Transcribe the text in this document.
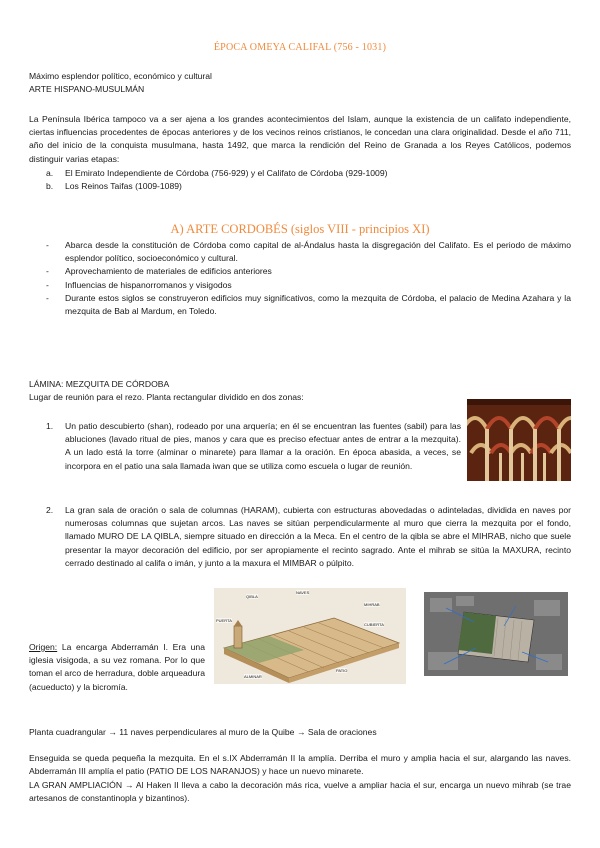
ÉPOCA OMEYA CALIFAL (756 - 1031)
Máximo esplendor político, económico y cultural
ARTE HISPANO-MUSULMÁN
La Península Ibérica tampoco va a ser ajena a los grandes acontecimientos del Islam, aunque la existencia de un califato independiente, ciertas influencias procedentes de épocas anteriores y de los vecinos reinos cristianos, le concedan una clara originalidad. Desde el año 711, año del inicio de la conquista musulmana, hasta 1492, que marca la rendición del Reino de Granada a los Reyes Católicos, podemos distinguir varias etapas:
a. El Emirato Independiente de Córdoba (756-929) y el Califato de Córdoba (929-1009)
b. Los Reinos Taifas (1009-1089)
A) ARTE CORDOBÉS (siglos VIII - principios XI)
- Abarca desde la constitución de Córdoba como capital de al-Ándalus hasta la disgregación del Califato. Es el periodo de máximo esplendor político, socioeconómico y cultural.
- Aprovechamiento de materiales de edificios anteriores
- Influencias de hispanorromanos y visigodos
- Durante estos siglos se construyeron edificios muy significativos, como la mezquita de Córdoba, el palacio de Medina Azahara y la mezquita de Bab al Mardum, en Toledo.
LÁMINA: MEZQUITA DE CÓRDOBA
Lugar de reunión para el rezo. Planta rectangular dividido en dos zonas:
1. Un patio descubierto (shan), rodeado por una arquería; en él se encuentran las fuentes (sabil) para las abluciones (lavado ritual de pies, manos y cara que es preciso efectuar antes de entrar a la mezquita). A un lado está la torre (alminar o minarete) para llamar a la oración. En época abasida, a veces, se incorpora en el patio una sala llamada iwan que se utiliza como escuela o lugar de reunión.
2. La gran sala de oración o sala de columnas (HARAM), cubierta con estructuras abovedadas o adinteladas, dividida en naves por numerosas columnas que sujetan arcos. Las naves se sitúan perpendicularmente al muro que cierra la mezquita por el fondo, llamado MURO DE LA QIBLA, siempre situado en dirección a la Meca. En el centro de la qibla se abre el MIHRAB, nicho que suele presentar la mayor decoración del edificio, por ser apropiamente el recinto sagrado. Ante el mihrab se sitúa la MAXURA, recinto cerrado destinado al califa o imán, y junto a la maxura el MIMBAR o púlpito.
NAVES
QIBLA
PUERTA
MIHRAB
CUBIERTA
PATIO
ALMINAR
Origen: La encarga Abderramán I. Era una iglesia visigoda, a su vez romana. Por lo que toman el arco de herradura, doble arqueadura (acueducto) y la bicromía.
Planta cuadrangular → 11 naves perpendiculares al muro de la Quibe → Sala de oraciones
Enseguida se queda pequeña la mezquita. En el s.IX Abderramán II la amplía. Derriba el muro y amplia hacia el sur, alargando las naves. Abderramán III amplía el patio (PATIO DE LOS NARANJOS) y hace un nuevo minarete.
LA GRAN AMPLIACIÓN → Al Haken II lleva a cabo la decoración más rica, vuelve a ampliar hacia el sur, encarga un nuevo mihrab (se trae artesanos de constantinopla y bizantinos).
